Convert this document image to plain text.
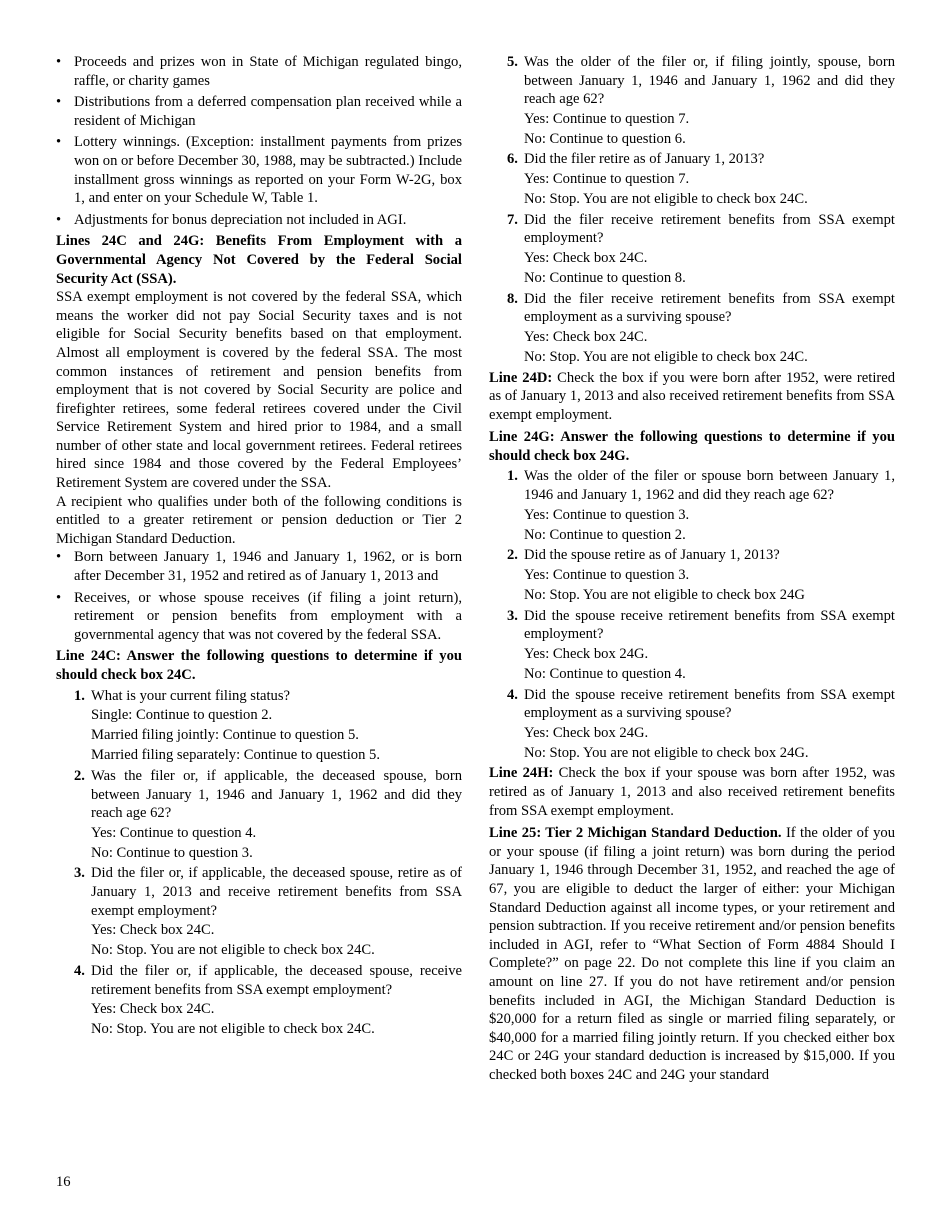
• Proceeds and prizes won in State of Michigan regulated bingo, raffle, or charity games
• Distributions from a deferred compensation plan received while a resident of Michigan
• Lottery winnings. (Exception: installment payments from prizes won on or before December 30, 1988, may be subtracted.) Include installment gross winnings as reported on your Form W-2G, box 1, and enter on your Schedule W, Table 1.
• Adjustments for bonus depreciation not included in AGI.

Lines 24C and 24G: Benefits From Employment with a Governmental Agency Not Covered by the Federal Social Security Act (SSA).

SSA exempt employment is not covered by the federal SSA, which means the worker did not pay Social Security taxes and is not eligible for Social Security benefits based on that employment. Almost all employment is covered by the federal SSA. The most common instances of retirement and pension benefits from employment that is not covered by Social Security are police and firefighter retirees, some federal retirees covered under the Civil Service Retirement System and hired prior to 1984, and a small number of other state and local government retirees. Federal retirees hired since 1984 and those covered by the Federal Employees’ Retirement System are covered under the SSA.

A recipient who qualifies under both of the following conditions is entitled to a greater retirement or pension deduction or Tier 2 Michigan Standard Deduction.

• Born between January 1, 1946 and January 1, 1962, or is born after December 31, 1952 and retired as of January 1, 2013 and
• Receives, or whose spouse receives (if filing a joint return), retirement or pension benefits from employment with a governmental agency that was not covered by the federal SSA.

Line 24C: Answer the following questions to determine if you should check box 24C.

1. What is your current filing status?
Single: Continue to question 2.
Married filing jointly: Continue to question 5.
Married filing separately: Continue to question 5.
2. Was the filer or, if applicable, the deceased spouse, born between January 1, 1946 and January 1, 1962 and did they reach age 62?
Yes: Continue to question 4.
No: Continue to question 3.
3. Did the filer or, if applicable, the deceased spouse, retire as of January 1, 2013 and receive retirement benefits from SSA exempt employment?
Yes: Check box 24C.
No: Stop. You are not eligible to check box 24C.
4. Did the filer or, if applicable, the deceased spouse, receive retirement benefits from SSA exempt employment?
Yes: Check box 24C.
No: Stop. You are not eligible to check box 24C.
5. Was the older of the filer or, if filing jointly, spouse, born between January 1, 1946 and January 1, 1962 and did they reach age 62?
Yes: Continue to question 7.
No: Continue to question 6.
6. Did the filer retire as of January 1, 2013?
Yes: Continue to question 7.
No: Stop. You are not eligible to check box 24C.
7. Did the filer receive retirement benefits from SSA exempt employment?
Yes: Check box 24C.
No: Continue to question 8.
8. Did the filer receive retirement benefits from SSA exempt employment as a surviving spouse?
Yes: Check box 24C.
No: Stop. You are not eligible to check box 24C.

Line 24D: Check the box if you were born after 1952, were retired as of January 1, 2013 and also received retirement benefits from SSA exempt employment.

Line 24G: Answer the following questions to determine if you should check box 24G.

1. Was the older of the filer or spouse born between January 1, 1946 and January 1, 1962 and did they reach age 62?
Yes: Continue to question 3.
No: Continue to question 2.
2. Did the spouse retire as of January 1, 2013?
Yes: Continue to question 3.
No: Stop. You are not eligible to check box 24G
3. Did the spouse receive retirement benefits from SSA exempt employment?
Yes: Check box 24G.
No: Continue to question 4.
4. Did the spouse receive retirement benefits from SSA exempt employment as a surviving spouse?
Yes: Check box 24G.
No: Stop. You are not eligible to check box 24G.

Line 24H: Check the box if your spouse was born after 1952, was retired as of January 1, 2013 and also received retirement benefits from SSA exempt employment.

Line 25: Tier 2 Michigan Standard Deduction. If the older of you or your spouse (if filing a joint return) was born during the period January 1, 1946 through December 31, 1952, and reached the age of 67, you are eligible to deduct the larger of either: your Michigan Standard Deduction against all income types, or your retirement and pension subtraction. If you receive retirement and/or pension benefits included in AGI, refer to “What Section of Form 4884 Should I Complete?” on page 22. Do not complete this line if you claim an amount on line 27. If you do not have retirement and/or pension benefits included in AGI, the Michigan Standard Deduction is $20,000 for a return filed as single or married filing separately, or $40,000 for a married filing jointly return. If you checked either box 24C or 24G your standard deduction is increased by $15,000. If you checked both boxes 24C and 24G your standard

16
